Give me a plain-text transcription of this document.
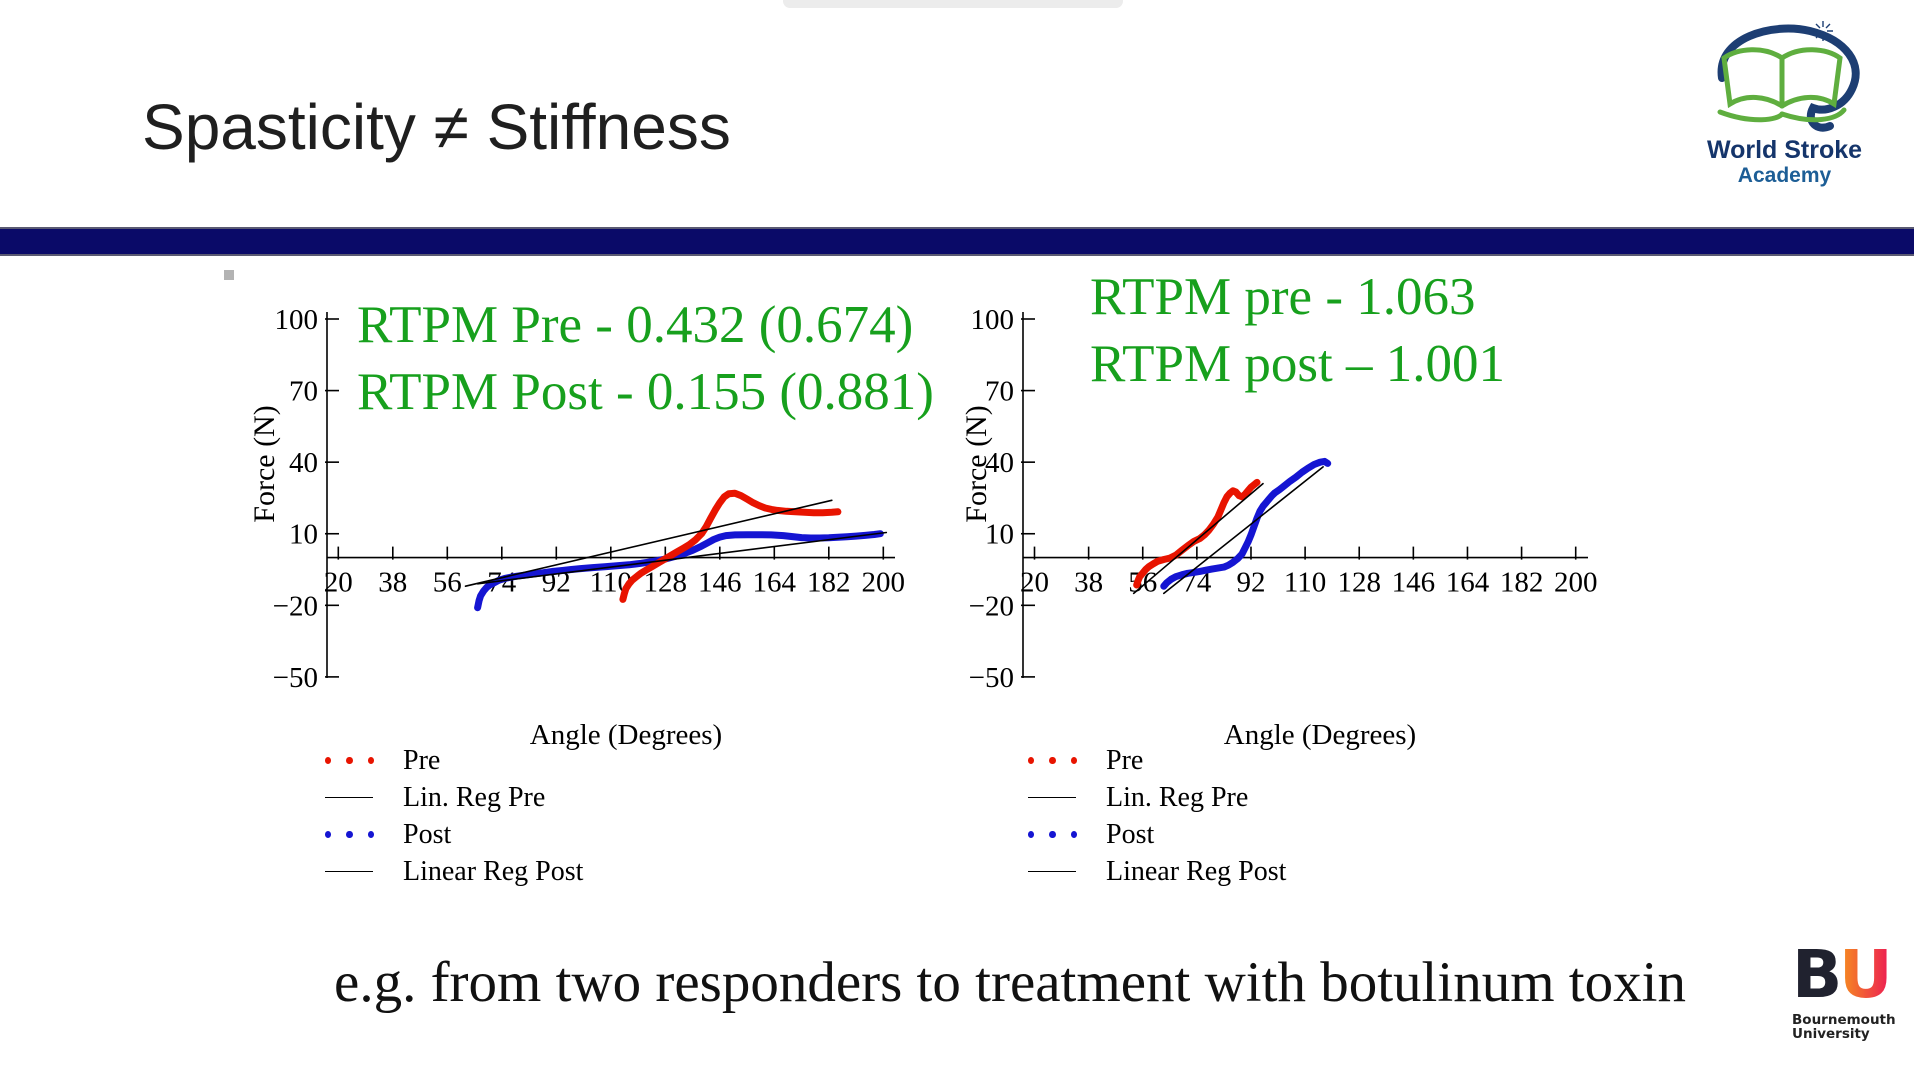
Spasticity ≠ Stiffness	World Stroke
Academy
20 38 56 74 92 110 128 146 164 182 200
100
70
40
10
−20
−50
20 38 56 74 92 110 128 146 164 182 200
100
70
40
10
−20
−50
RTPM Pre - 0.432 (0.674)
RTPM Post - 0.155 (0.881)
RTPM pre - 1.063
RTPM post – 1.001
Force (N)	Force (N)
Angle (Degrees)	Angle (Degrees)
Pre
Lin. Reg Pre
Post
Linear Reg Post
Pre
Lin. Reg Pre
Post
Linear Reg Post
e.g. from two responders to treatment with botulinum toxin	B
U
Bournemouth
University
